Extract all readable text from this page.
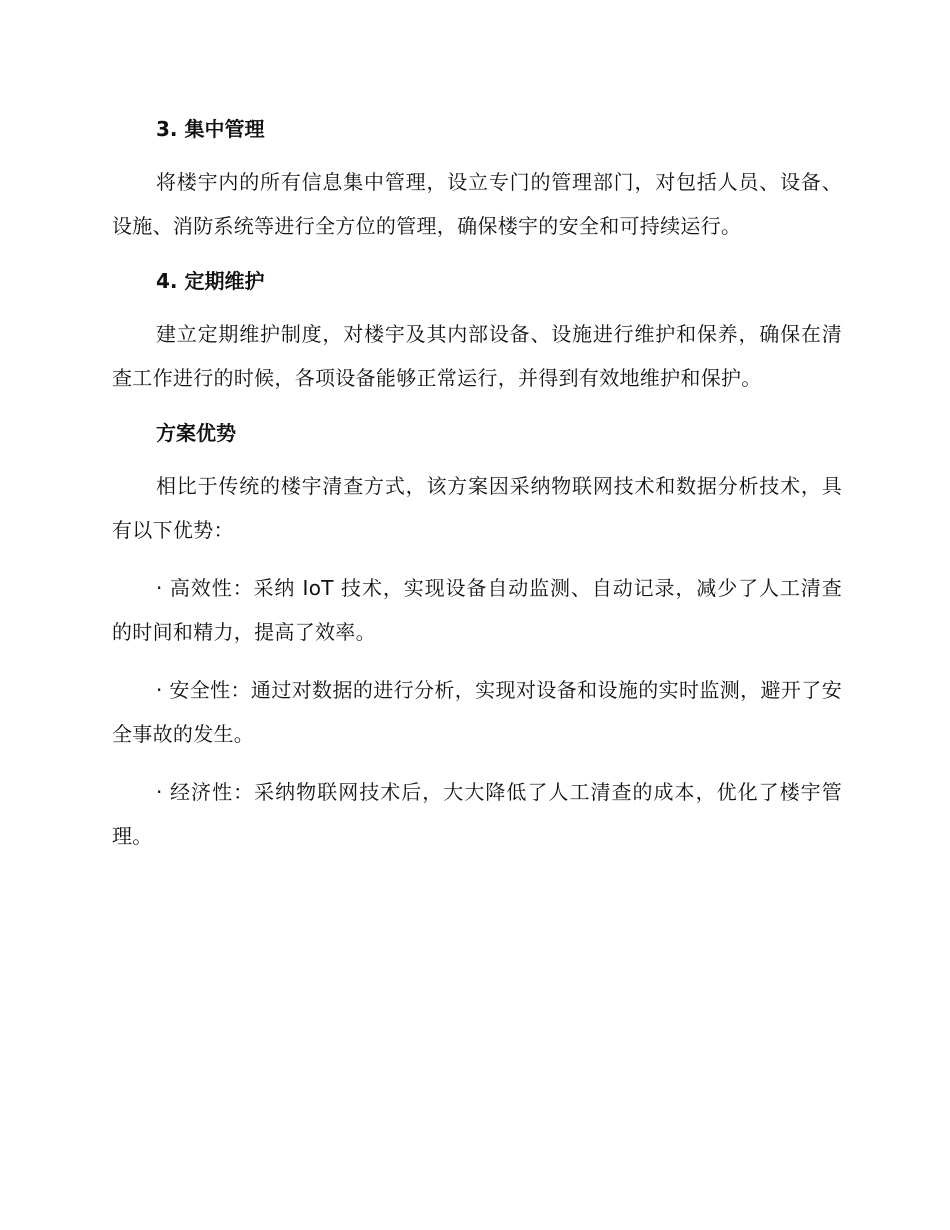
3. 集中管理

将楼宇内的所有信息集中管理，设立专门的管理部门，对包括人员、设备、设施、消防系统等进行全方位的管理，确保楼宇的安全和可持续运行。

4. 定期维护

建立定期维护制度，对楼宇及其内部设备、设施进行维护和保养，确保在清查工作进行的时候，各项设备能够正常运行，并得到有效地维护和保护。

方案优势

相比于传统的楼宇清查方式，该方案因采纳物联网技术和数据分析技术，具有以下优势：

· 高效性：采纳 IoT 技术，实现设备自动监测、自动记录，减少了人工清查的时间和精力，提高了效率。

· 安全性：通过对数据的进行分析，实现对设备和设施的实时监测，避开了安全事故的发生。

· 经济性：采纳物联网技术后，大大降低了人工清查的成本，优化了楼宇管理。
